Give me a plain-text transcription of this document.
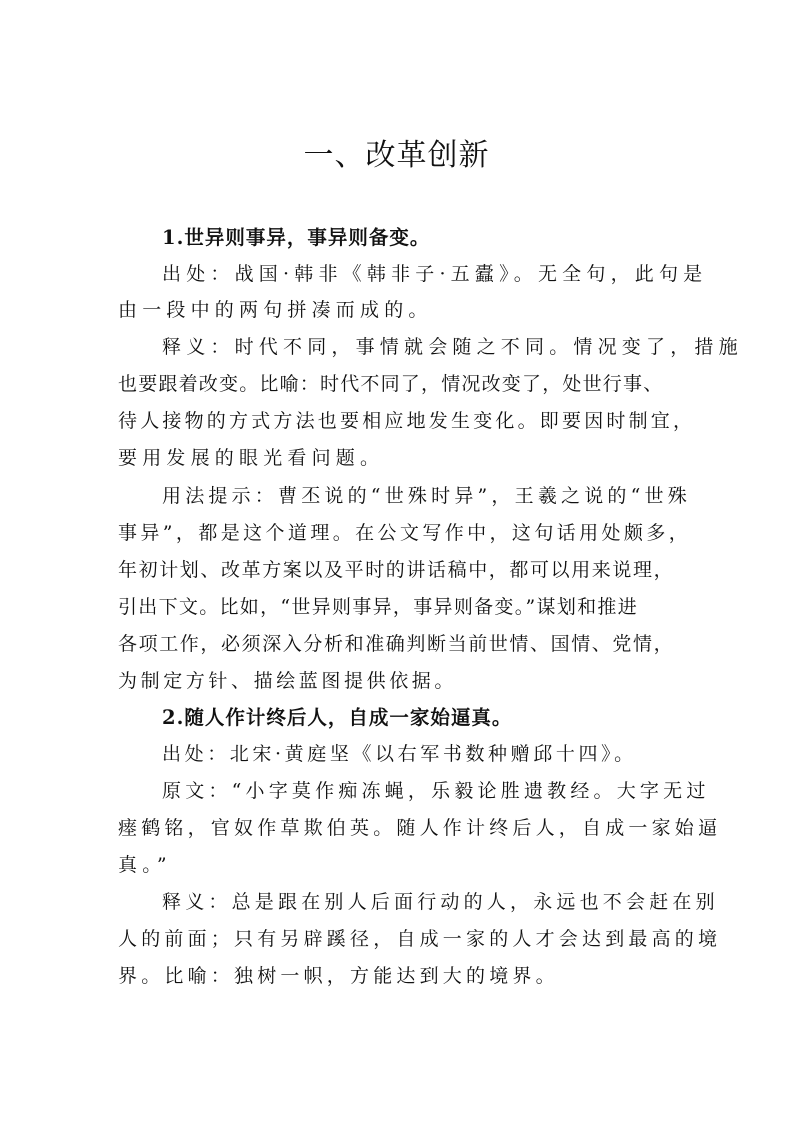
一、改革创新
1.世异则事异，事异则备变。
出处：战国·韩非《韩非子·五蠹》。无全句，此句是
由一段中的两句拼凑而成的。
释义：时代不同，事情就会随之不同。情况变了，措施
也要跟着改变。比喻：时代不同了，情况改变了，处世行事、
待人接物的方式方法也要相应地发生变化。即要因时制宜，
要用发展的眼光看问题。
用法提示：曹丕说的“世殊时异”，王羲之说的“世殊
事异”，都是这个道理。在公文写作中，这句话用处颇多，
年初计划、改革方案以及平时的讲话稿中，都可以用来说理，
引出下文。比如，“世异则事异，事异则备变。”谋划和推进
各项工作，必须深入分析和准确判断当前世情、国情、党情，
为制定方针、描绘蓝图提供依据。
2.随人作计终后人，自成一家始逼真。
出处：北宋·黄庭坚《以右军书数种赠邱十四》。
原文：“小字莫作痴冻蝇，乐毅论胜遗教经。大字无过
瘗鹤铭，官奴作草欺伯英。随人作计终后人，自成一家始逼
真。”
释义：总是跟在别人后面行动的人，永远也不会赶在别
人的前面；只有另辟蹊径，自成一家的人才会达到最高的境
界。比喻：独树一帜，方能达到大的境界。
